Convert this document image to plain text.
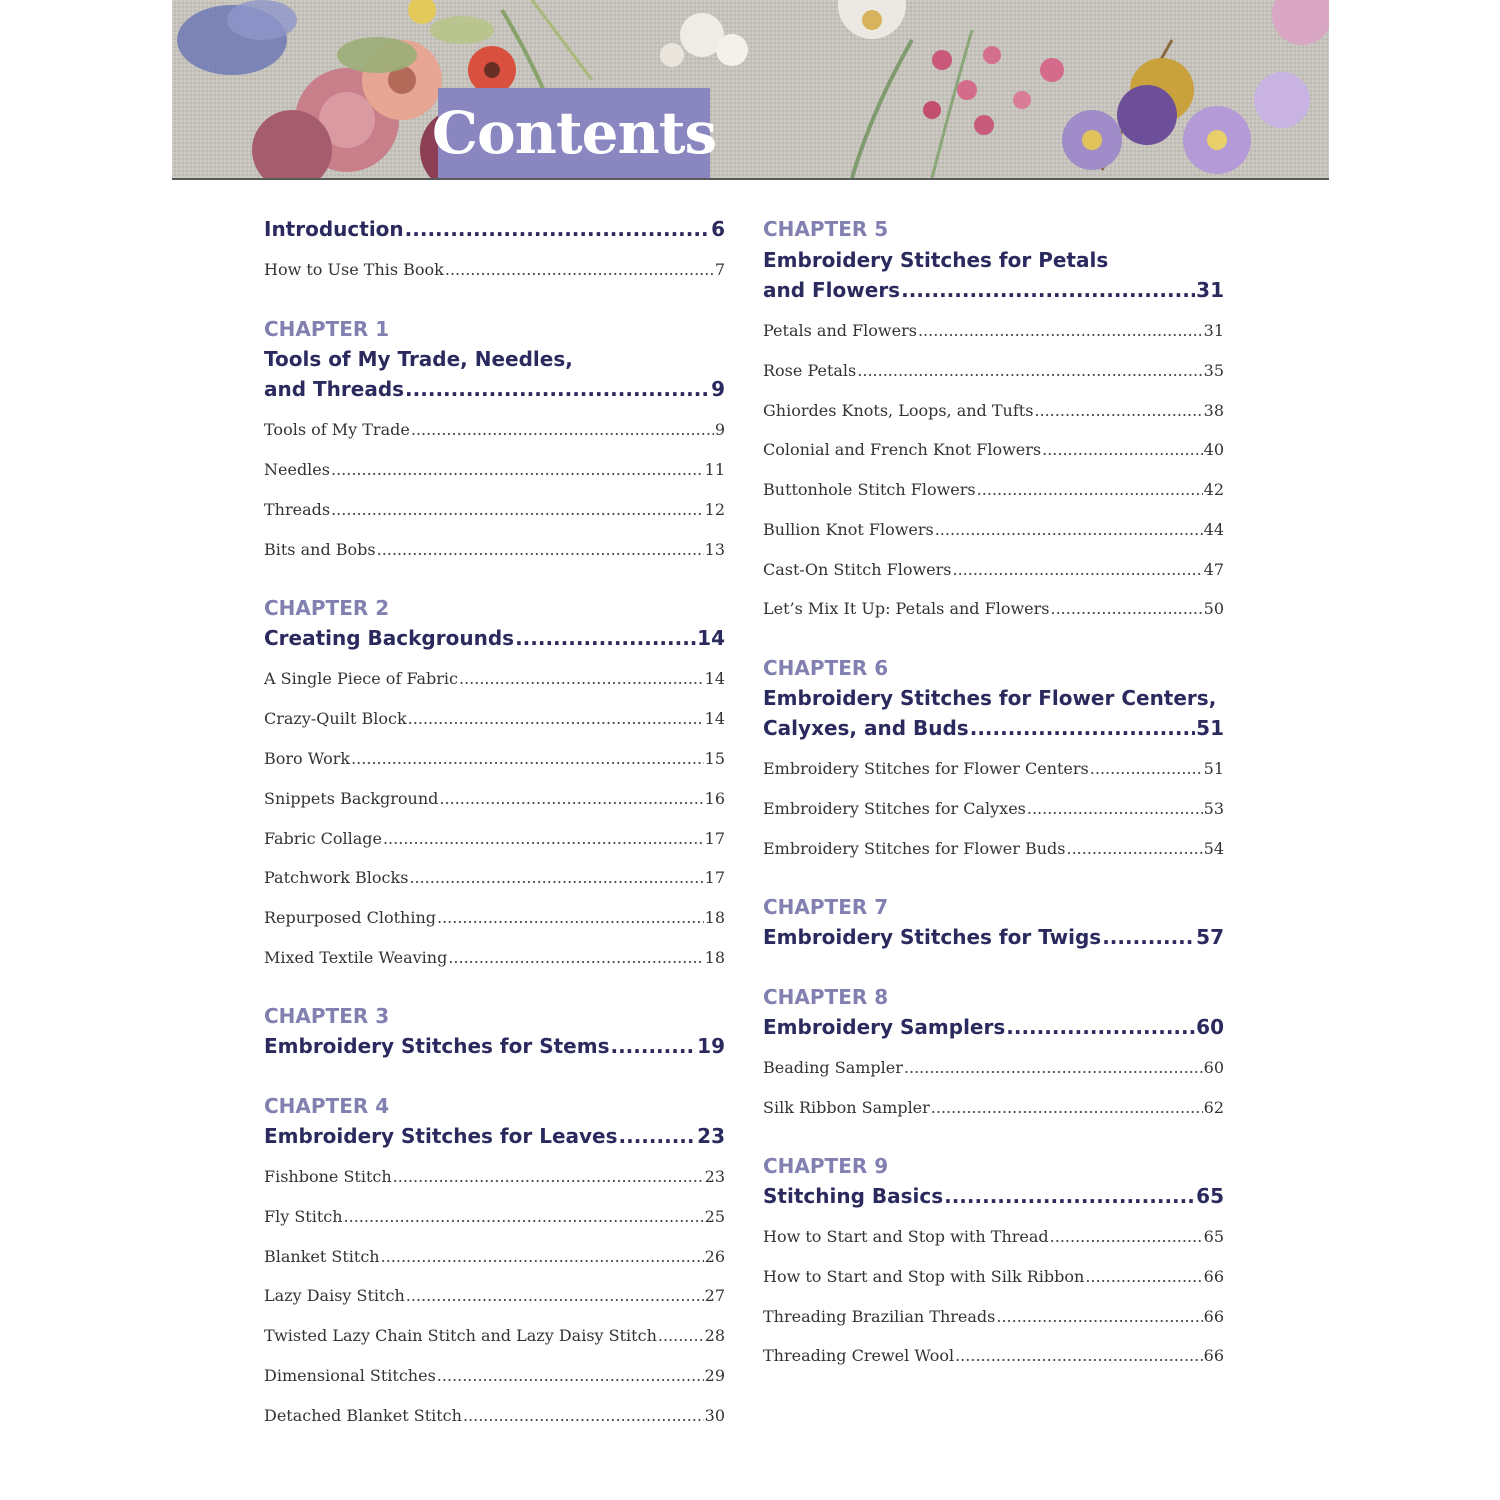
Contents
Introduction .....	6
How to Use This Book .....	7
CHAPTER 1
Tools of My Trade, Needles,
and Threads .....	9
Tools of My Trade .....	9
Needles .....	11
Threads .....	12
Bits and Bobs .....	13
CHAPTER 2
Creating Backgrounds .....	14
A Single Piece of Fabric .....	14
Crazy-Quilt Block .....	14
Boro Work .....	15
Snippets Background .....	16
Fabric Collage .....	17
Patchwork Blocks .....	17
Repurposed Clothing .....	18
Mixed Textile Weaving .....	18
CHAPTER 3
Embroidery Stitches for Stems .....	19
CHAPTER 4
Embroidery Stitches for Leaves .....	23
Fishbone Stitch .....	23
Fly Stitch .....	25
Blanket Stitch .....	26
Lazy Daisy Stitch .....	27
Twisted Lazy Chain Stitch and Lazy Daisy Stitch .....	28
Dimensional Stitches .....	29
Detached Blanket Stitch .....	30
CHAPTER 5
Embroidery Stitches for Petals
and Flowers .....	31
Petals and Flowers .....	31
Rose Petals .....	35
Ghiordes Knots, Loops, and Tufts .....	38
Colonial and French Knot Flowers .....	40
Buttonhole Stitch Flowers .....	42
Bullion Knot Flowers .....	44
Cast-On Stitch Flowers .....	47
Let’s Mix It Up: Petals and Flowers .....	50
CHAPTER 6
Embroidery Stitches for Flower Centers,
Calyxes, and Buds .....	51
Embroidery Stitches for Flower Centers .....	51
Embroidery Stitches for Calyxes .....	53
Embroidery Stitches for Flower Buds .....	54
CHAPTER 7
Embroidery Stitches for Twigs .....	57
CHAPTER 8
Embroidery Samplers .....	60
Beading Sampler .....	60
Silk Ribbon Sampler .....	62
CHAPTER 9
Stitching Basics .....	65
How to Start and Stop with Thread .....	65
How to Start and Stop with Silk Ribbon .....	66
Threading Brazilian Threads .....	66
Threading Crewel Wool .....	66
